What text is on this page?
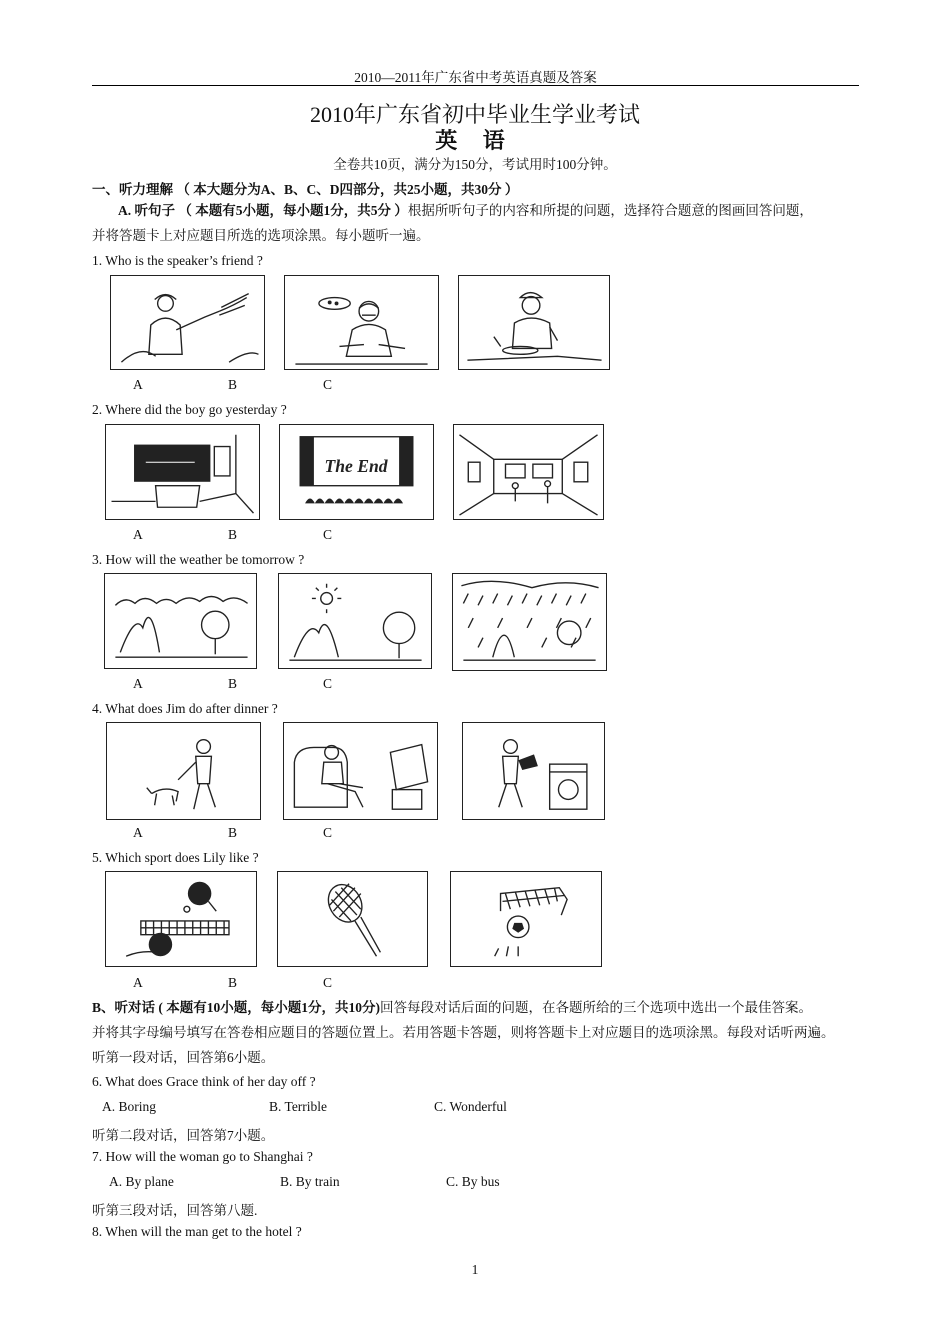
2010—2011年广东省中考英语真题及答案
2010年广东省初中毕业生学业考试
英 语
全卷共10页，满分为150分，考试用时100分钟。
一、听力理解 （ 本大题分为A、B、C、D四部分，共25小题，共30分 ）
A. 听句子 （ 本题有5小题，每小题1分，共5分 ）根据所听句子的内容和所提的问题，选择符合题意的图画回答问题，
并将答题卡上对应题目所选的选项涂黑。每小题听一遍。
1. Who is the speaker’s friend ?
A	B	C
2. Where did the boy go yesterday ?
The End
A	B	C
3. How will the weather be tomorrow ?
A	B	C
4. What does Jim do after dinner ?
A	B	C
5. Which sport does Lily like ?
A	B	C
B、听对话 ( 本题有10小题，每小题1分，共10分)回答每段对话后面的问题，在各题所给的三个选项中选出一个最佳答案。
并将其字母编号填写在答卷相应题目的答题位置上。若用答题卡答题，则将答题卡上对应题目的选项涂黑。每段对话听两遍。
听第一段对话，回答第6小题。
6. What does Grace think of her day off ?
A. Boring	B. Terrible	C. Wonderful
听第二段对话，回答第7小题。
7. How will the woman go to Shanghai ?
A. By plane	B. By train	C. By bus
听第三段对话，回答第八题.
8. When will the man get to the hotel ?
1
